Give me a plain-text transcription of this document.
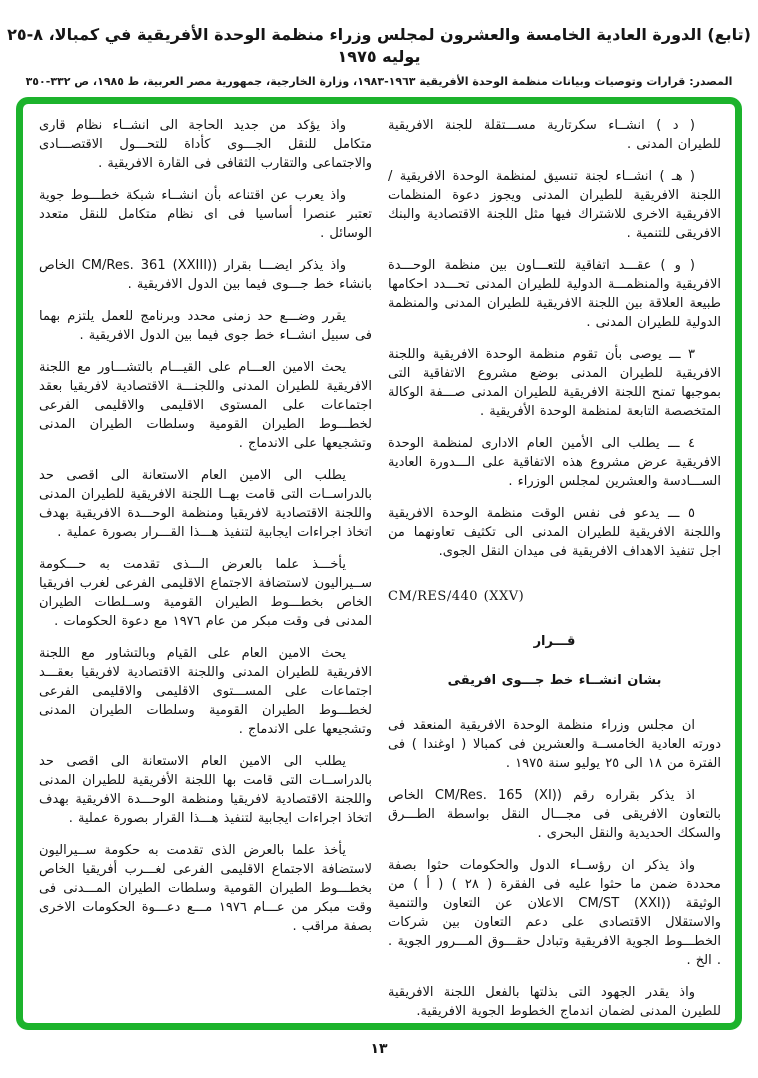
(تابع) الدورة العادية الخامسة والعشرون لمجلس وزراء منظمة الوحدة الأفريقية في كمبالا، ٨-٢٥ يوليه ١٩٧٥
المصدر: قرارات وتوصيات وبيانات منظمة الوحدة الأفريقية ١٩٦٣-١٩٨٣، وزارة الخارجية، جمهورية مصر العربية، ط ١٩٨٥، ص ٣٣٢-٣٥٠

( د ) انشــاء سكرتارية مســـتقلة للجنة الافريقية للطيران المدنى .

( هـ ) انشــاء لجنة تنسيق لمنظمة الوحدة الافريقية / اللجنة الافريقية للطيران المدنى ويجوز دعوة المنظمات الافريقية الاخرى للاشتراك فيها مثل اللجنة الاقتصادية والبنك الافريقى للتنمية .

( و ) عقـــد اتفاقية للتعـــاون بين منظمة الوحـــدة الافريقية والمنظمـــة الدولية للطيران المدنى تحـــدد احكامها طبيعة العلاقة بين اللجنة الافريقية للطيران المدنى والمنظمة الدولية للطيران المدنى .

٣ ـــ يوصى بأن تقوم منظمة الوحدة الافريقية واللجنة الافريقية للطيران المدنى بوضع مشروع الاتفاقية التى بموجبها تمنح اللجنة الافريقية للطيران المدنى صـــفة الوكالة المتخصصة التابعة لمنظمة الوحدة الأفريقية .

٤ ـــ يطلب الى الأمين العام الادارى لمنظمة الوحدة الافريقية عرض مشروع هذه الاتفاقية على الـــدورة العادية الســـادسة والعشرين لمجلس الوزراء .

٥ ـــ يدعو فى نفس الوقت منظمة الوحدة الافريقية واللجنة الافريقية للطيران المدنى الى تكثيف تعاونهما من اجل تنفيذ الاهداف الافريقية فى ميدان النقل الجوى.

CM/RES/440 (XXV)

قـــرار

بشان انشــاء خط جـــوى افريقى

ان مجلس وزراء منظمة الوحدة الافريقية المنعقد فى دورته العادية الخامســة والعشرين فى كمبالا ( اوغندا ) فى الفترة من ١٨ الى ٢٥ يوليو سنة ١٩٧٥ .

اذ يذكر بقراره رقم (CM/Res. 165 (XI) الخاص بالتعاون الافريقى فى مجـــال النقل بواسطة الطـــرق والسكك الحديدية والنقل البحرى .

واذ يذكر ان رؤســاء الدول والحكومات حثوا بصفة محددة ضمن ما حثوا عليه فى الفقرة ( ٢٨ ) ( أ ) من الوثيقة (CM/ST (XXI) الاعلان عن التعاون والتنمية والاستقلال الاقتصادى على دعم التعاون بين شركات الخطـــوط الجوية الافريقية وتبادل حقـــوق المـــرور الجوية . . الخ .

واذ يقدر الجهود التى بذلتها بالفعل اللجنة الافريقية للطيرن المدنى لضمان اندماج الخطوط الجوية الافريقية.

واذ يؤكد من جديد الحاجة الى انشــاء نظام قارى متكامل للنقل الجـــوى كأداة للتحـــول الاقتصـــادى والاجتماعى والتقارب الثقافى فى القارة الافريقية .

واذ يعرب عن اقتناعه بأن انشــاء شبكة خطـــوط جوية تعتبر عنصرا أساسيا فى اى نظام متكامل للنقل متعدد الوسائل .

واذ يذكر ايضـــا بقرار (CM/Res. 361 (XXIII) الخاص بانشاء خط جـــوى فيما بين الدول الافريقية .

يقرر وضـــع حد زمنى محدد وبرنامج للعمل يلتزم بهما فى سبيل انشــاء خط جوى فيما بين الدول الافريقية .

يحث الامين العـــام على القيـــام بالتشـــاور مع اللجنة الافريقية للطيران المدنى واللجنـــة الاقتصادية لافريقيا بعقد اجتماعات على المستوى الاقليمى والاقليمى الفرعى لخطـــوط الطيران القومية وسلطات الطيران المدنى وتشجيعها على الاندماج .

يطلب الى الامين العام الاستعانة الى اقصى حد بالدراســات التى قامت بهــا اللجنة الافريقية للطيران المدنى واللجنة الاقتصادية لافريقيا ومنظمة الوحـــدة الافريقية بهدف اتخاذ اجراءات ايجابية لتنفيذ هـــذا القـــرار بصورة عملية .

يأخـــذ علما بالعرض الـــذى تقدمت به حـــكومة ســيراليون لاستضافة الاجتماع الاقليمى الفرعى لغرب افريقيا الخاص بخطـــوط الطيران القومية وســلطات الطيران المدنى فى وقت مبكر من عام ١٩٧٦ مع دعوة الحكومات .

يحث الامين العام على القيام وبالتشاور مع اللجنة الافريقية للطيران المدنى واللجنة الاقتصادية لافريقيا بعقـــد اجتماعات على المســـتوى الاقليمى والاقليمى الفرعى لخطـــوط الطيران القومية وسلطات الطيران المدنى وتشجيعها على الاندماج .

يطلب الى الامين العام الاستعانة الى اقصى حد بالدراســات التى قامت بها اللجنة الأفريقية للطيران المدنى واللجنة الاقتصادية لافريقيا ومنظمة الوحـــدة الافريقية بهدف اتخاذ اجراءات ايجابية لتنفيذ هـــذا القرار بصورة عملية .

يأخذ علما بالعرض الذى تقدمت به حكومة ســيراليون لاستضافة الاجتماع الاقليمى الفرعى لغـــرب أفريقيا الخاص بخطـــوط الطيران القومية وسلطات الطيران المـــدنى فى وقت مبكر من عـــام ١٩٧٦ مـــع دعـــوة الحكومات الاخرى بصفة مراقب .

١٣
